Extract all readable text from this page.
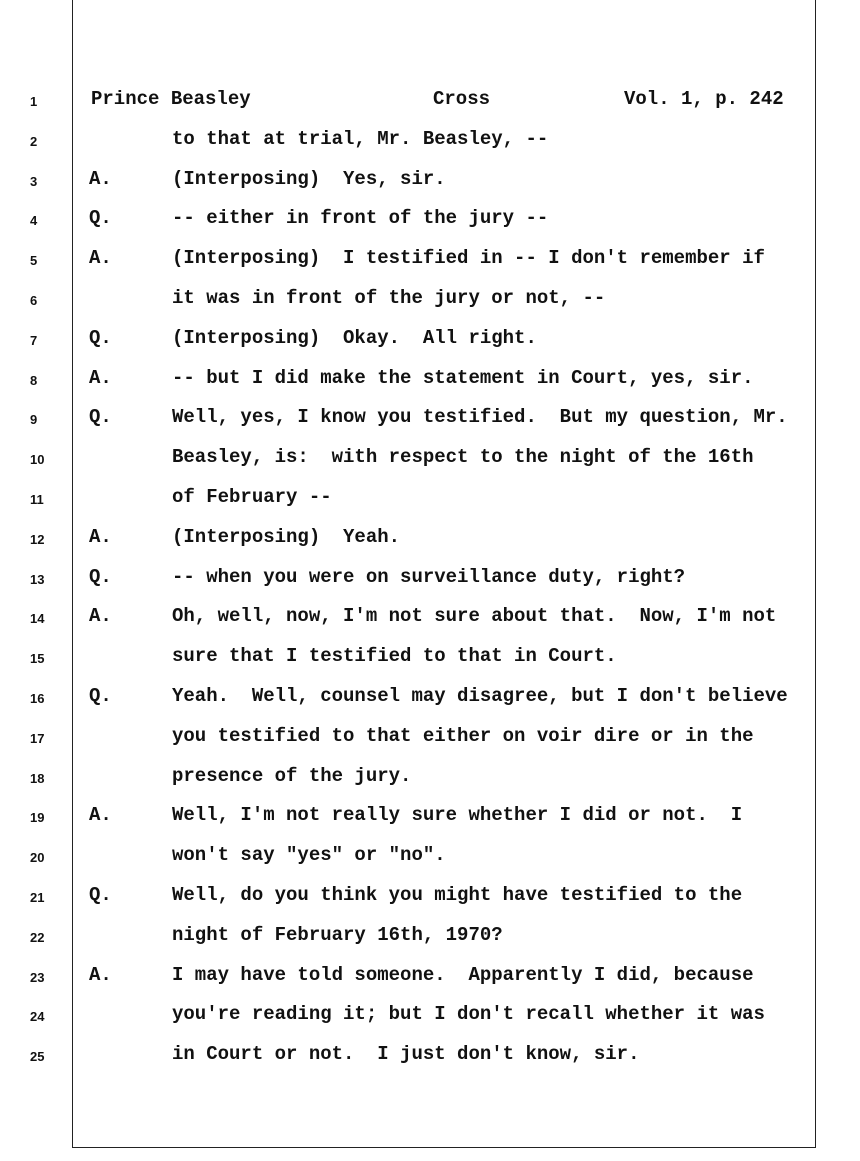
Prince Beasley	Cross	Vol. 1, p. 242
1
2	to that at trial, Mr. Beasley, --
3	A.	(Interposing)  Yes, sir.
4	Q.	-- either in front of the jury --
5	A.	(Interposing)  I testified in -- I don't remember if
6	it was in front of the jury or not, --
7	Q.	(Interposing)  Okay.  All right.
8	A.	-- but I did make the statement in Court, yes, sir.
9	Q.	Well, yes, I know you testified.  But my question, Mr.
10	Beasley, is:  with respect to the night of the 16th
11	of February --
12	A.	(Interposing)  Yeah.
13	Q.	-- when you were on surveillance duty, right?
14	A.	Oh, well, now, I'm not sure about that.  Now, I'm not
15	sure that I testified to that in Court.
16	Q.	Yeah.  Well, counsel may disagree, but I don't believe
17	you testified to that either on voir dire or in the
18	presence of the jury.
19	A.	Well, I'm not really sure whether I did or not.  I
20	won't say "yes" or "no".
21	Q.	Well, do you think you might have testified to the
22	night of February 16th, 1970?
23	A.	I may have told someone.  Apparently I did, because
24	you're reading it; but I don't recall whether it was
25	in Court or not.  I just don't know, sir.
